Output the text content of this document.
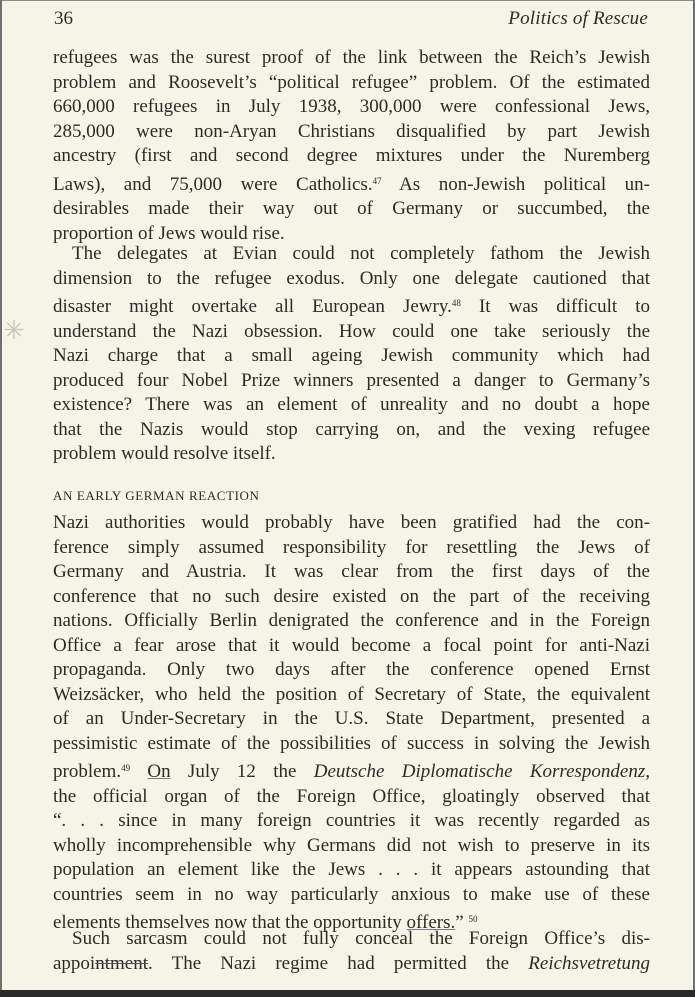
36	Politics of Rescue
✳
refugees was the surest proof of the link between the Reich’s Jewish
problem and Roosevelt’s “political refugee” problem. Of the estimated
660,000 refugees in July 1938, 300,000 were confessional Jews,
285,000 were non-Aryan Christians disqualified by part Jewish
ancestry (first and second degree mixtures under the Nuremberg
Laws), and 75,000 were Catholics.$^{47}$ As non-Jewish political un-
desirables made their way out of Germany or succumbed, the
proportion of Jews would rise.
The delegates at Evian could not completely fathom the Jewish
dimension to the refugee exodus. Only one delegate cautioned that
disaster might overtake all European Jewry.$^{48}$ It was difficult to
understand the Nazi obsession. How could one take seriously the
Nazi charge that a small ageing Jewish community which had
produced four Nobel Prize winners presented a danger to Germany’s
existence? There was an element of unreality and no doubt a hope
that the Nazis would stop carrying on, and the vexing refugee
problem would resolve itself.
AN EARLY GERMAN REACTION
Nazi authorities would probably have been gratified had the con-
ference simply assumed responsibility for resettling the Jews of
Germany and Austria. It was clear from the first days of the
conference that no such desire existed on the part of the receiving
nations. Officially Berlin denigrated the conference and in the Foreign
Office a fear arose that it would become a focal point for anti-Nazi
propaganda. Only two days after the conference opened Ernst
Weizsäcker, who held the position of Secretary of State, the equivalent
of an Under-Secretary in the U.S. State Department, presented a
pessimistic estimate of the possibilities of success in solving the Jewish
problem.$^{49}$ On July 12 the Deutsche Diplomatische Korrespondenz,
the official organ of the Foreign Office, gloatingly observed that
“. . . since in many foreign countries it was recently regarded as
wholly incomprehensible why Germans did not wish to preserve in its
population an element like the Jews . . . it appears astounding that
countries seem in no way particularly anxious to make use of these
elements themselves now that the opportunity offers.” $^{50}$
Such sarcasm could not fully conceal the Foreign Office’s dis-
appointment. The Nazi regime had permitted the Reichsvetretung
